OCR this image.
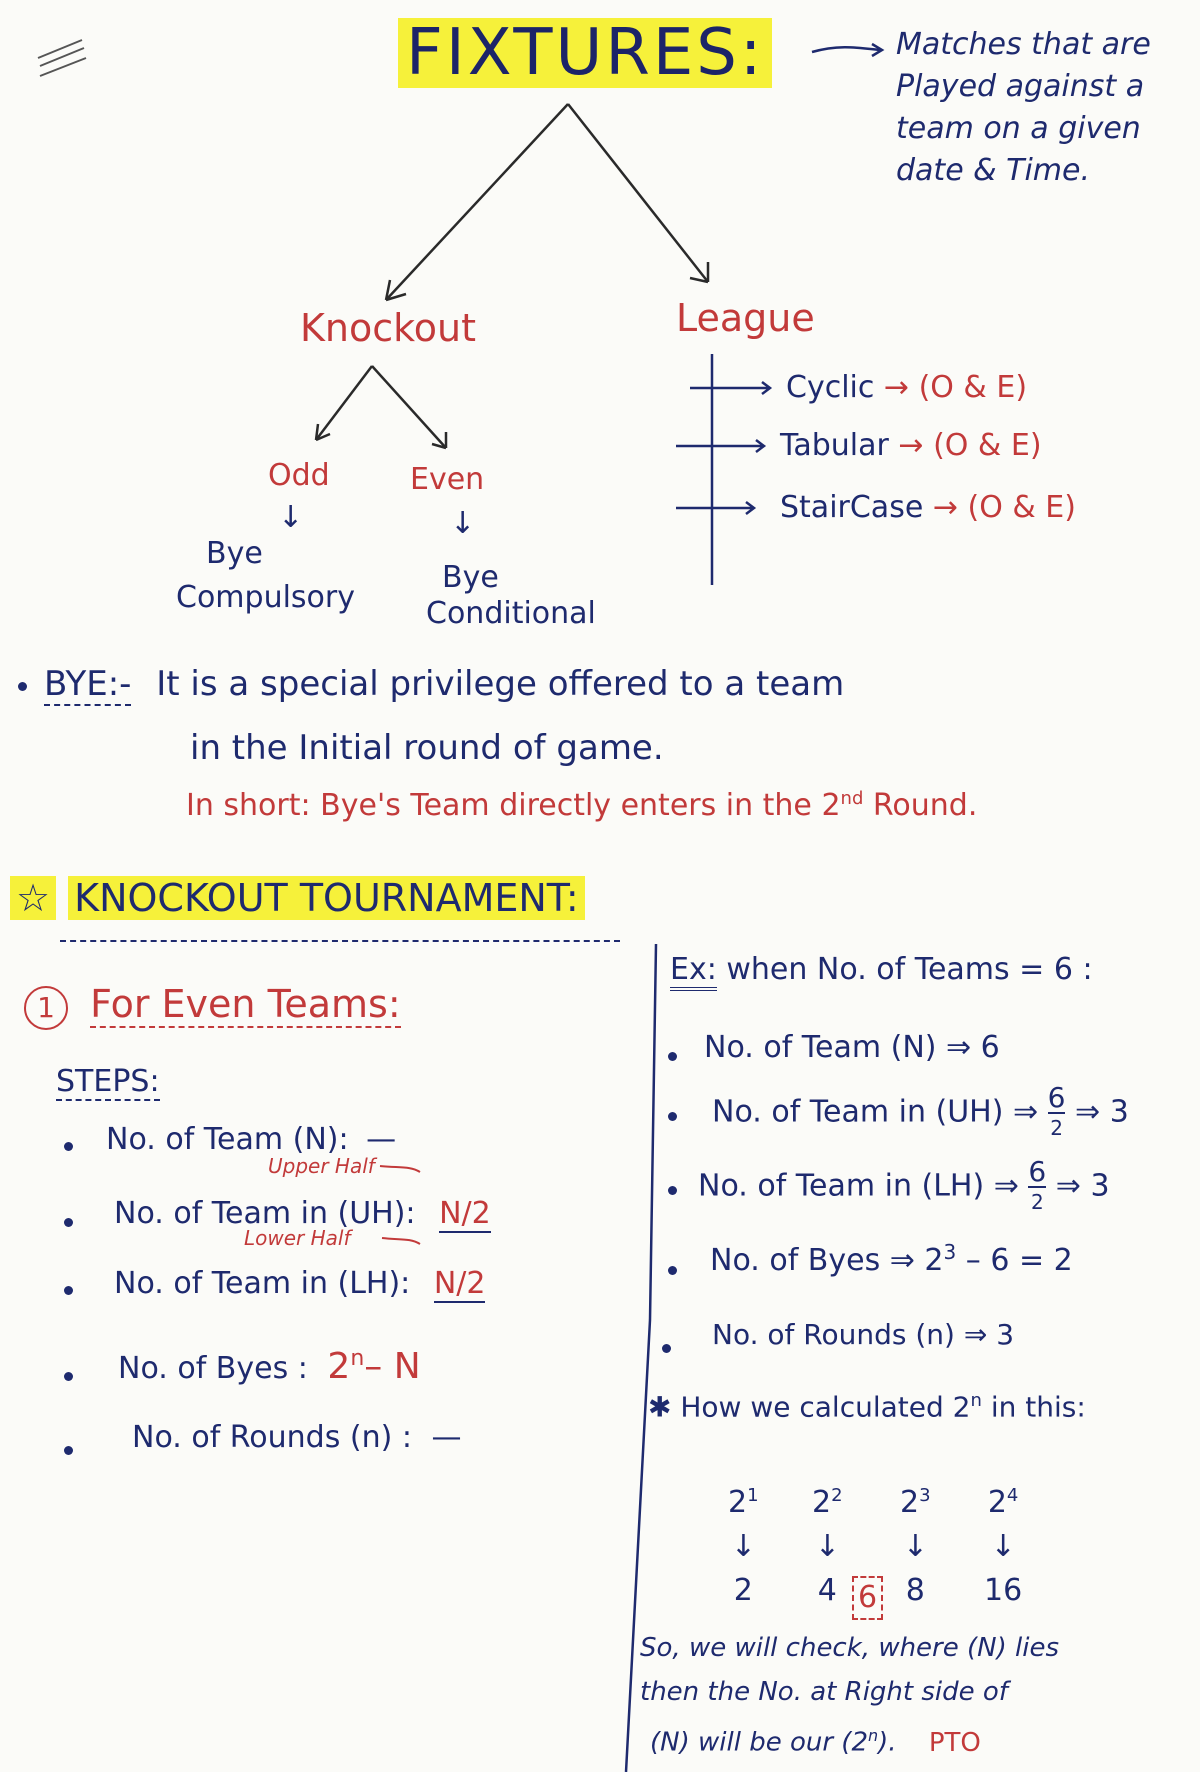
FIXTURES:	Matches that are
Played against a
team on a given
date & Time.
Knockout	League
Odd
↓
Bye
Compulsory
Even
↓
Bye
Conditional
Cyclic → (O & E)
Tabular → (O & E)
StairCase → (O & E)
BYE:- It is a special privilege offered to a team
in the Initial round of game.
In short: Bye's Team directly enters in the 2nd Round.
☆ KNOCKOUT TOURNAMENT:
1 For Even Teams:
STEPS:
No. of Team (N): —
Upper Half
No. of Team in (UH): N/2
Lower Half
No. of Team in (LH): N/2
No. of Byes : 2$^n$– N
No. of Rounds (n) : —
Ex: when No. of Teams = 6 :
No. of Team (N) ⇒ 6
No. of Team in (UH) ⇒ $\frac{6}{2}$ ⇒ 3
No. of Team in (LH) ⇒ $\frac{6}{2}$ ⇒ 3
No. of Byes ⇒ $2^3 - 6 = 2$
No. of Rounds (n) ⇒ 3
✱ How we calculated 2$^n$ in this:
$2^1$
↓
2
$2^2$
↓
4 6
$2^3$
↓
8
$2^4$
↓
16
So, we will check, where (N) lies
then the No. at Right side of
(N) will be our (2$^n$). PTO
